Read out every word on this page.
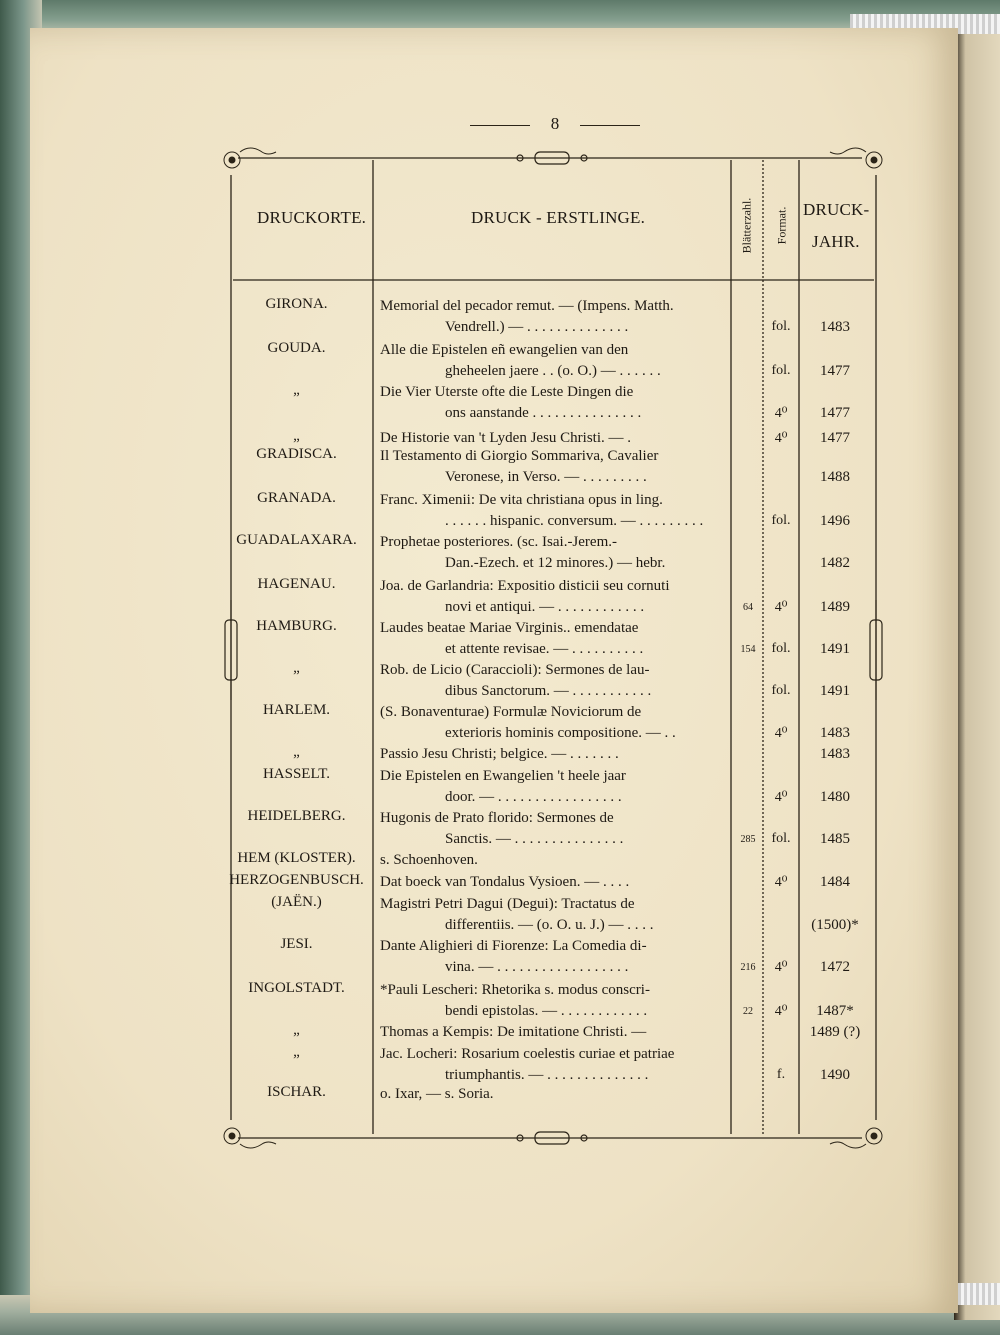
8
DRUCKORTE.	DRUCK - ERSTLINGE.	Blätterzahl. Format. DRUCK-
JAHR.
GIRONA.	Memorial del pecador remut. — (Impens. Matth.
Vendrell.) — . . . . . . . . . . . . . .	fol.	1483
GOUDA.	Alle die Epistelen eñ ewangelien van den
gheheelen jaere . . (o. O.) — . . . . . .	fol.	1477
„	Die Vier Uterste ofte die Leste Dingen die
ons aanstande . . . . . . . . . . . . . . .	4⁰	1477
„	De Historie van 't Lyden Jesu Christi. — .	4⁰	1477
GRADISCA.	Il Testamento di Giorgio Sommariva, Cavalier
Veronese, in Verso. — . . . . . . . . .	1488
GRANADA.	Franc. Ximenii: De vita christiana opus in ling.
. . . . . . hispanic. conversum. — . . . . . . . . .	fol.	1496
GUADALAXARA.	Prophetae posteriores. (sc. Isai.-Jerem.-
Dan.-Ezech. et 12 minores.) — hebr.	1482
HAGENAU.	Joa. de Garlandria: Expositio disticii seu cornuti
novi et antiqui. — . . . . . . . . . . . .	64	4⁰	1489
HAMBURG.	Laudes beatae Mariae Virginis.. emendatae
et attente revisae. — . . . . . . . . . .	154	fol.	1491
„	Rob. de Licio (Caraccioli): Sermones de lau-
dibus Sanctorum. — . . . . . . . . . . .	fol.	1491
HARLEM.	(S. Bonaventurae) Formulæ Noviciorum de
exterioris hominis compositione. — . .	4⁰	1483
„	Passio Jesu Christi; belgice. — . . . . . . .	1483
HASSELT.	Die Epistelen en Ewangelien 't heele jaar
door. — . . . . . . . . . . . . . . . . .	4⁰	1480
HEIDELBERG.	Hugonis de Prato florido: Sermones de
Sanctis. — . . . . . . . . . . . . . . .	285	fol.	1485
HEM (KLOSTER).	s. Schoenhoven.
HERZOGENBUSCH.	Dat boeck van Tondalus Vysioen. — . . . .	4⁰	1484
(JAËN.)	Magistri Petri Dagui (Degui): Tractatus de
differentiis. — (o. O. u. J.) — . . . .	(1500)*
JESI.	Dante Alighieri di Fiorenze: La Comedia di-
vina. — . . . . . . . . . . . . . . . . . .	216	4⁰	1472
INGOLSTADT.	*Pauli Lescheri: Rhetorika s. modus conscri-
bendi epistolas. — . . . . . . . . . . . .	22	4⁰	1487*
„	Thomas a Kempis: De imitatione Christi. —	1489 (?)
„	Jac. Locheri: Rosarium coelestis curiae et patriae
triumphantis. — . . . . . . . . . . . . . .	f.	1490
ISCHAR.	o. Ixar, — s. Soria.
